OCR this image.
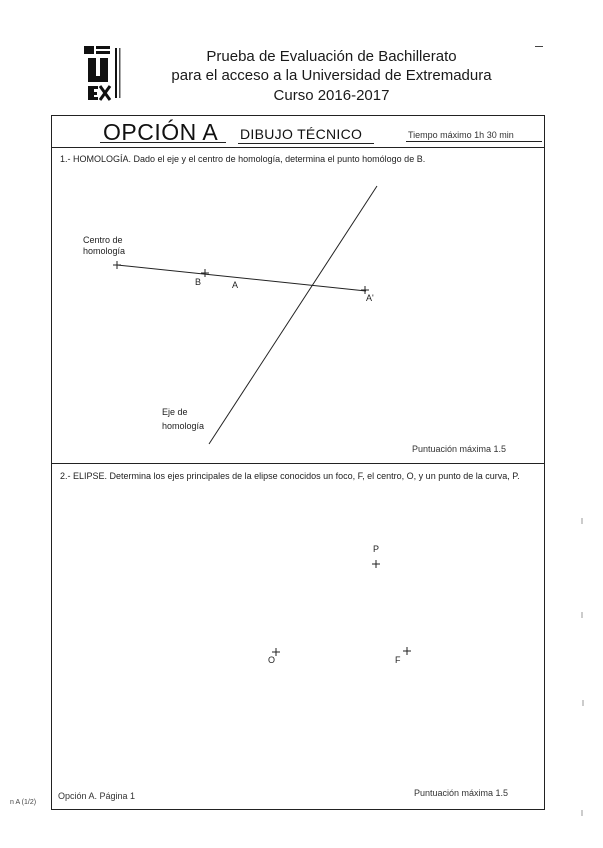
Prueba de Evaluación de Bachillerato
para el acceso a la Universidad de Extremadura
Curso 2016-2017
OPCIÓN A DIBUJO TÉCNICO	Tiempo máximo 1h 30 min
1.- HOMOLOGÍA. Dado el eje y el centro de homología, determina el punto homólogo de B.
2.- ELIPSE. Determina los ejes principales de la elipse conocidos un foco, F, el centro, O, y un punto de la curva, P.
Puntuación máxima 1.5
Puntuación máxima 1.5
Opción A. Página 1
n A (1/2)
Centro de
homología
B	A
A'
Eje de
homología
P
O	F
